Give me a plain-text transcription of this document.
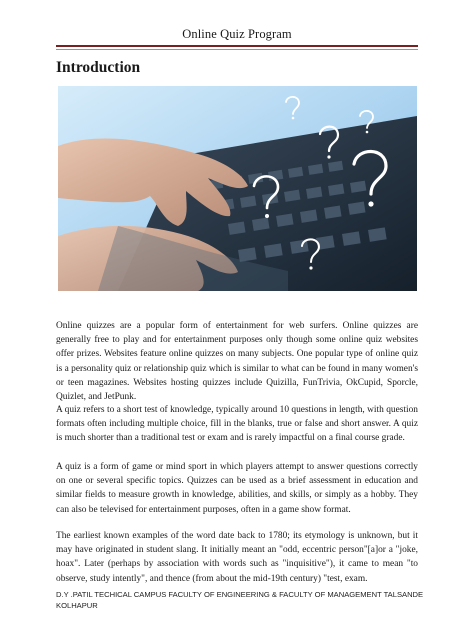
Online Quiz Program
Introduction
Online quizzes are a popular form of entertainment for web surfers. Online quizzes are generally free to play and for entertainment purposes only though some online quiz websites offer prizes. Websites feature online quizzes on many subjects. One popular type of online quiz is a personality quiz or relationship quiz which is similar to what can be found in many women's or teen magazines. Websites hosting quizzes include Quizilla, FunTrivia, OkCupid, Sporcle, Quizlet, and JetPunk.
A quiz refers to a short test of knowledge, typically around 10 questions in length, with question formats often including multiple choice, fill in the blanks, true or false and short answer. A quiz is much shorter than a traditional test or exam and is rarely impactful on a final course grade.
A quiz is a form of game or mind sport in which players attempt to answer questions correctly on one or several specific topics. Quizzes can be used as a brief assessment in education and similar fields to measure growth in knowledge, abilities, and skills, or simply as a hobby. They can also be televised for entertainment purposes, often in a game show format.
The earliest known examples of the word date back to 1780; its etymology is unknown, but it may have originated in student slang. It initially meant an "odd, eccentric person"[a]or a "joke, hoax". Later (perhaps by association with words such as "inquisitive"), it came to mean "to observe, study intently", and thence (from about the mid-19th century) "test, exam.
D.Y .PATIL TECHICAL CAMPUS FACULTY OF ENGINEERING & FACULTY OF MANAGEMENT TALSANDE KOLHAPUR
